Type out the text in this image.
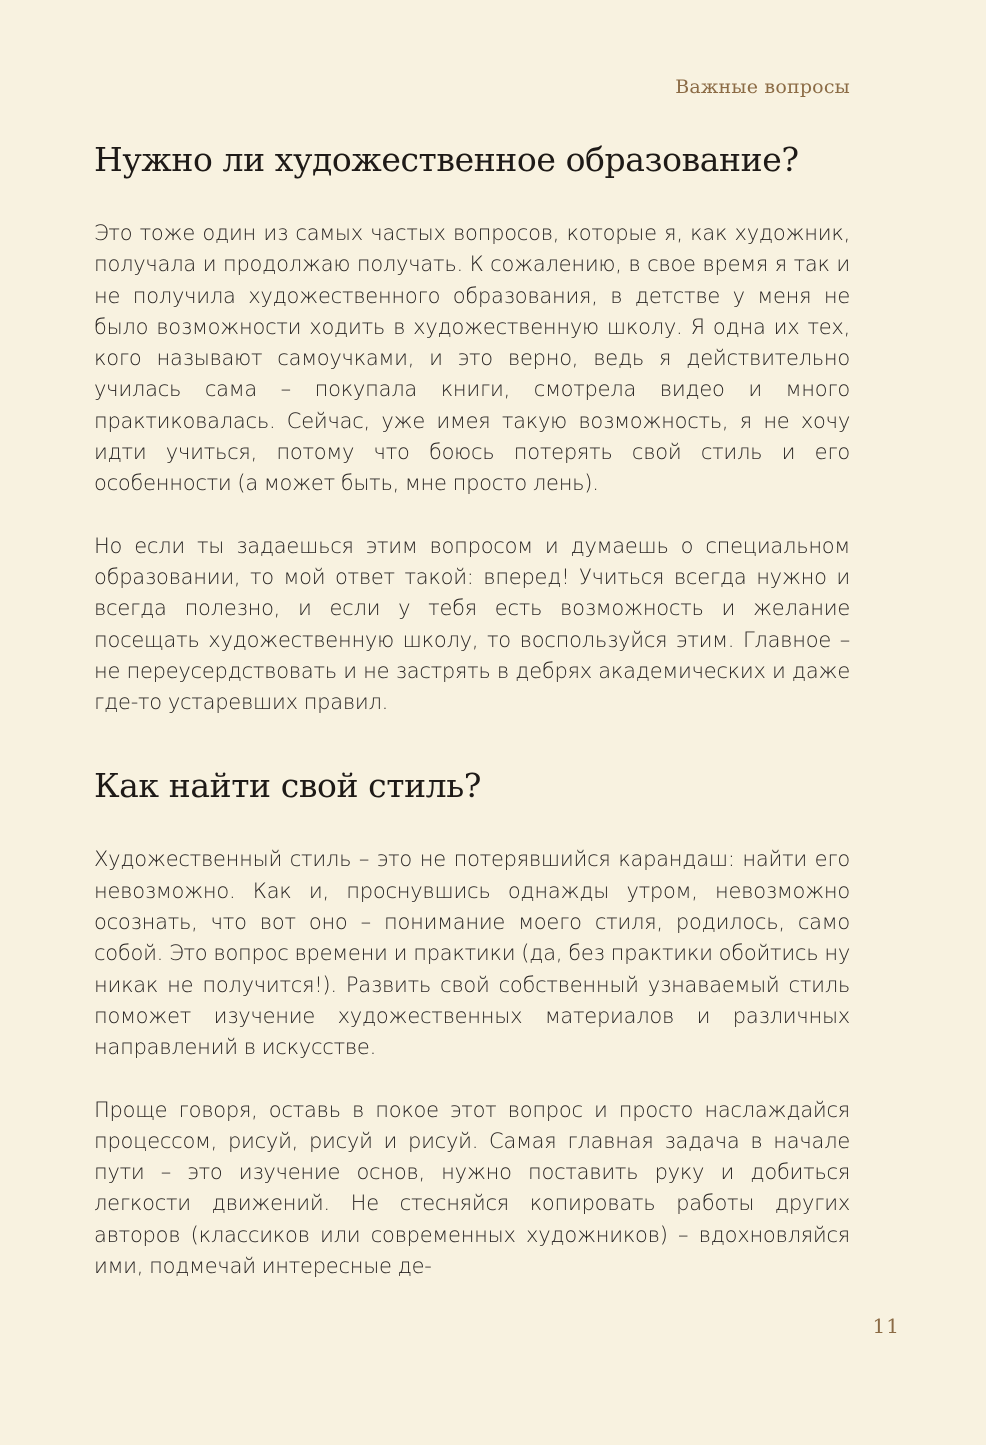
Важные вопросы
Нужно ли художественное образование?

Это тоже один из самых частых вопросов, которые я, как художник, получала и продолжаю получать. К сожалению, в свое время я так и не получила художественного образования, в детстве у меня не было возможности ходить в художественную школу. Я одна их тех, кого называют самоучками, и это верно, ведь я действительно училась сама – покупала книги, смотрела видео и много практиковалась. Сейчас, уже имея такую возможность, я не хочу идти учиться, потому что боюсь потерять свой стиль и его особенности (а может быть, мне просто лень).

Но если ты задаешься этим вопросом и думаешь о специальном образовании, то мой ответ такой: вперед! Учиться всегда нужно и всегда полезно, и если у тебя есть возможность и желание посещать художественную школу, то воспользуйся этим. Главное – не переусердствовать и не застрять в дебрях академических и даже где-то устаревших правил.

Как найти свой стиль?

Художественный стиль – это не потерявшийся карандаш: найти его невозможно. Как и, проснувшись однажды утром, невозможно осознать, что вот оно – понимание моего стиля, родилось, само собой. Это вопрос времени и практики (да, без практики обойтись ну никак не получится!). Развить свой собственный узнаваемый стиль поможет изучение художественных материалов и различных направлений в искусстве.

Проще говоря, оставь в покое этот вопрос и просто наслаждайся процессом, рисуй, рисуй и рисуй. Самая главная задача в начале пути – это изучение основ, нужно поставить руку и добиться легкости движений. Не стесняйся копировать работы других авторов (классиков или современных художников) – вдохновляйся ими, подмечай интересные де-

11
